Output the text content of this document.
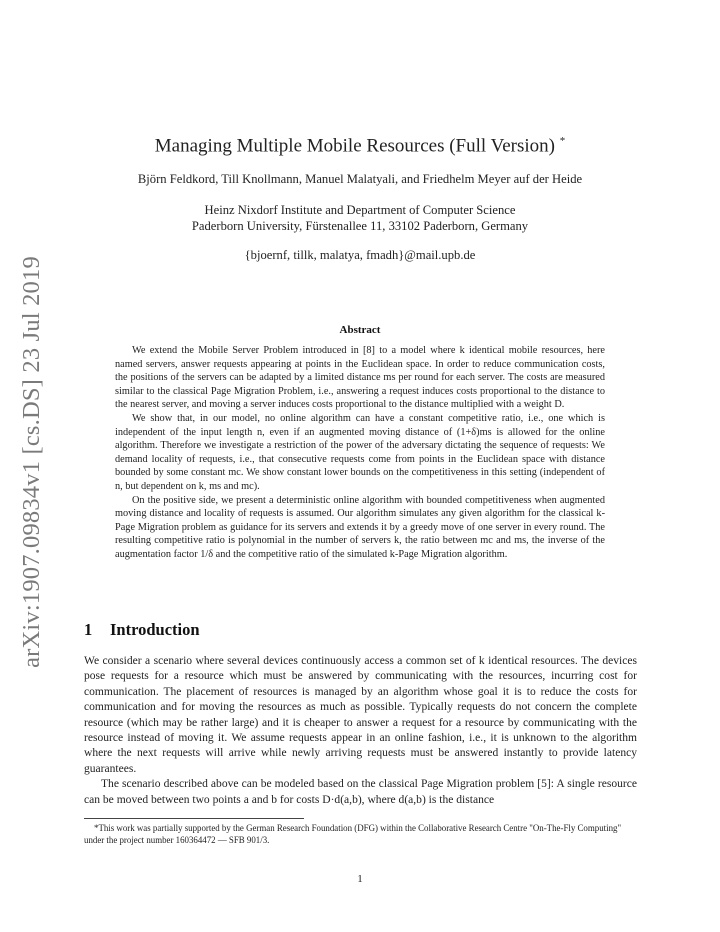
arXiv:1907.09834v1 [cs.DS] 23 Jul 2019
Managing Multiple Mobile Resources (Full Version) *
Björn Feldkord, Till Knollmann, Manuel Malatyali, and Friedhelm Meyer auf der Heide
Heinz Nixdorf Institute and Department of Computer Science
Paderborn University, Fürstenallee 11, 33102 Paderborn, Germany
{bjoernf, tillk, malatya, fmadh}@mail.upb.de
Abstract

We extend the Mobile Server Problem introduced in [8] to a model where k identical mobile resources, here named servers, answer requests appearing at points in the Euclidean space. In order to reduce communication costs, the positions of the servers can be adapted by a limited distance ms per round for each server. The costs are measured similar to the classical Page Migration Problem, i.e., answering a request induces costs proportional to the distance to the nearest server, and moving a server induces costs proportional to the distance multiplied with a weight D.

We show that, in our model, no online algorithm can have a constant competitive ratio, i.e., one which is independent of the input length n, even if an augmented moving distance of (1+δ)ms is allowed for the online algorithm. Therefore we investigate a restriction of the power of the adversary dictating the sequence of requests: We demand locality of requests, i.e., that consecutive requests come from points in the Euclidean space with distance bounded by some constant mc. We show constant lower bounds on the competitiveness in this setting (independent of n, but dependent on k, ms and mc).

On the positive side, we present a deterministic online algorithm with bounded competitiveness when augmented moving distance and locality of requests is assumed. Our algorithm simulates any given algorithm for the classical k-Page Migration problem as guidance for its servers and extends it by a greedy move of one server in every round. The resulting competitive ratio is polynomial in the number of servers k, the ratio between mc and ms, the inverse of the augmentation factor 1/δ and the competitive ratio of the simulated k-Page Migration algorithm.

1 Introduction

We consider a scenario where several devices continuously access a common set of k identical resources. The devices pose requests for a resource which must be answered by communicating with the resources, incurring cost for communication. The placement of resources is managed by an algorithm whose goal it is to reduce the costs for communication and for moving the resources as much as possible. Typically requests do not concern the complete resource (which may be rather large) and it is cheaper to answer a request for a resource by communicating with the resource instead of moving it. We assume requests appear in an online fashion, i.e., it is unknown to the algorithm where the next requests will arrive while newly arriving requests must be answered instantly to provide latency guarantees.

The scenario described above can be modeled based on the classical Page Migration problem [5]: A single resource can be moved between two points a and b for costs D·d(a,b), where d(a,b) is the distance

*This work was partially supported by the German Research Foundation (DFG) within the Collaborative Research Centre "On-The-Fly Computing" under the project number 160364472 — SFB 901/3.
1
